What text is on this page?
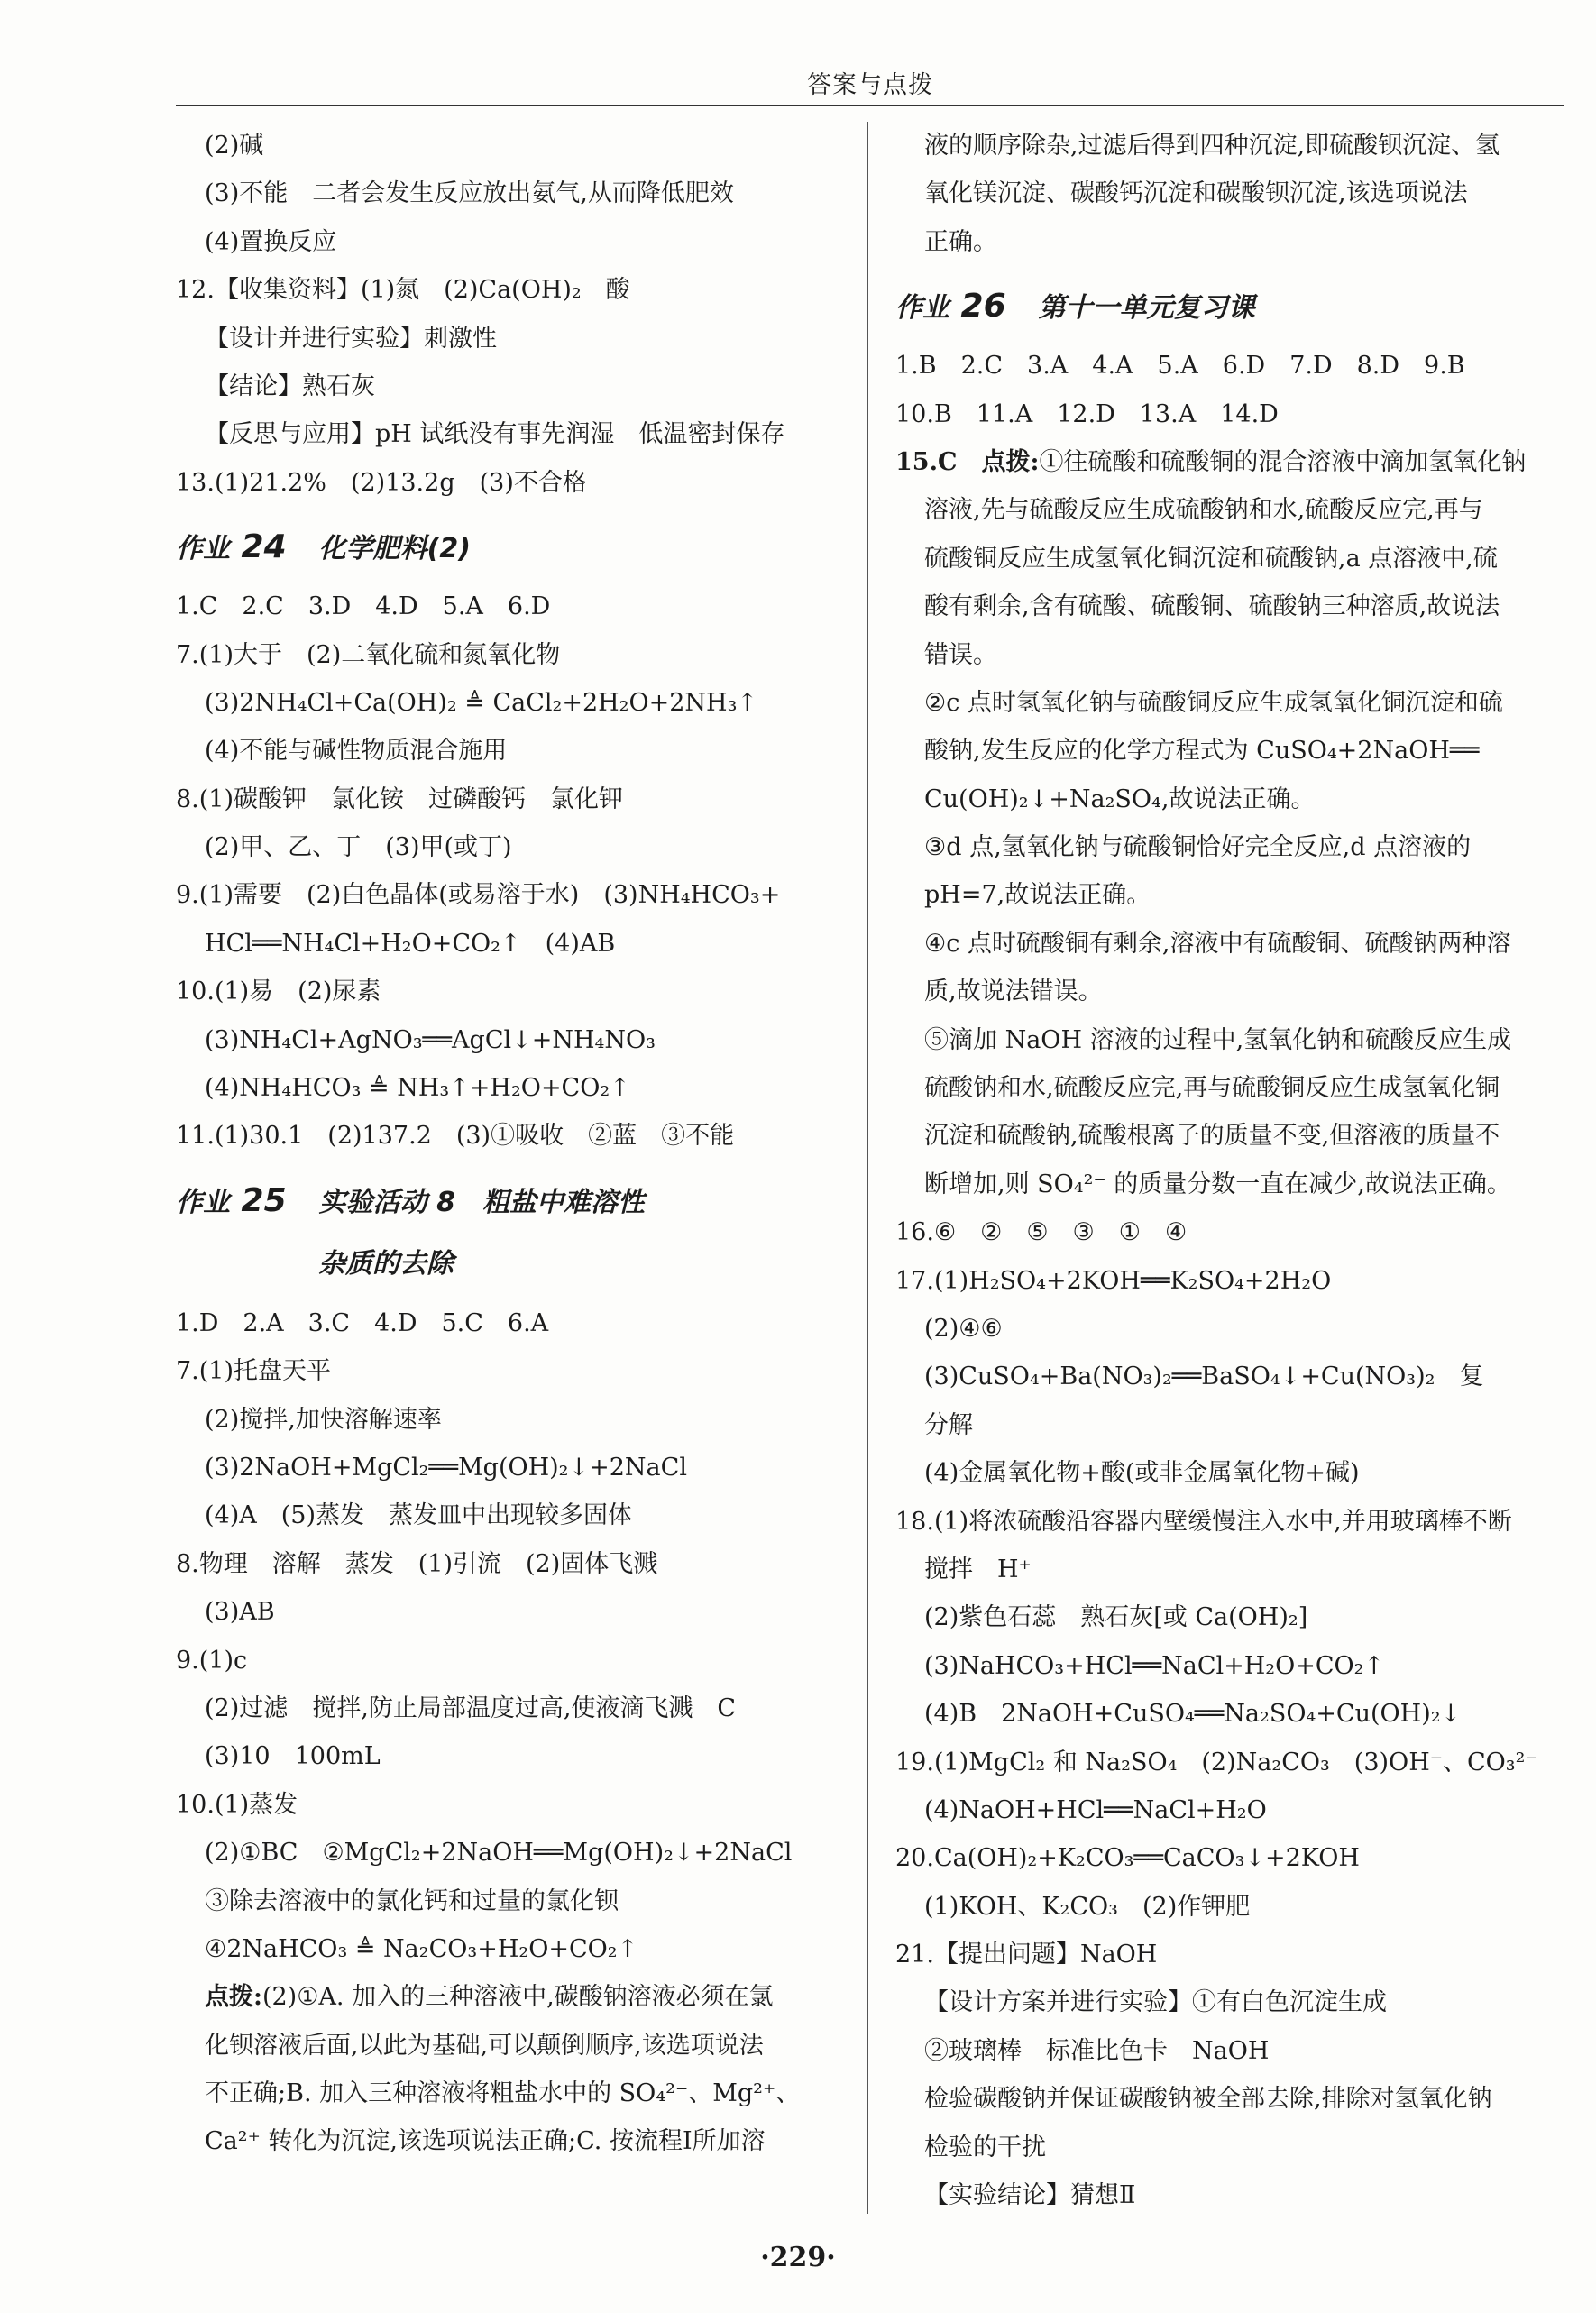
答案与点拨
(2)碱
(3)不能　二者会发生反应放出氨气,从而降低肥效
(4)置换反应
12.【收集资料】(1)氮　(2)Ca(OH)₂　酸
【设计并进行实验】刺激性
【结论】熟石灰
【反思与应用】pH 试纸没有事先润湿　低温密封保存
13.(1)21.2%　(2)13.2g　(3)不合格
作业 24　化学肥料(2)
1.C　2.C　3.D　4.D　5.A　6.D
7.(1)大于　(2)二氧化硫和氮氧化物
(3)2NH₄Cl+Ca(OH)₂ ≜ CaCl₂+2H₂O+2NH₃↑
(4)不能与碱性物质混合施用
8.(1)碳酸钾　氯化铵　过磷酸钙　氯化钾
(2)甲、乙、丁　(3)甲(或丁)
9.(1)需要　(2)白色晶体(或易溶于水)　(3)NH₄HCO₃+
HCl══NH₄Cl+H₂O+CO₂↑　(4)AB
10.(1)易　(2)尿素
(3)NH₄Cl+AgNO₃══AgCl↓+NH₄NO₃
(4)NH₄HCO₃ ≜ NH₃↑+H₂O+CO₂↑
11.(1)30.1　(2)137.2　(3)①吸收　②蓝　③不能
作业 25　实验活动 8　粗盐中难溶性
杂质的去除
1.D　2.A　3.C　4.D　5.C　6.A
7.(1)托盘天平
(2)搅拌,加快溶解速率
(3)2NaOH+MgCl₂══Mg(OH)₂↓+2NaCl
(4)A　(5)蒸发　蒸发皿中出现较多固体
8.物理　溶解　蒸发　(1)引流　(2)固体飞溅
(3)AB
9.(1)c
(2)过滤　搅拌,防止局部温度过高,使液滴飞溅　C
(3)10　100mL
10.(1)蒸发
(2)①BC　②MgCl₂+2NaOH══Mg(OH)₂↓+2NaCl
③除去溶液中的氯化钙和过量的氯化钡
④2NaHCO₃ ≜ Na₂CO₃+H₂O+CO₂↑
点拨:(2)①A. 加入的三种溶液中,碳酸钠溶液必须在氯
化钡溶液后面,以此为基础,可以颠倒顺序,该选项说法
不正确;B. 加入三种溶液将粗盐水中的 SO₄²⁻、Mg²⁺、
Ca²⁺ 转化为沉淀,该选项说法正确;C. 按流程Ⅰ所加溶
液的顺序除杂,过滤后得到四种沉淀,即硫酸钡沉淀、氢
氧化镁沉淀、碳酸钙沉淀和碳酸钡沉淀,该选项说法
正确。
作业 26　第十一单元复习课
1.B　2.C　3.A　4.A　5.A　6.D　7.D　8.D　9.B
10.B　11.A　12.D　13.A　14.D
15.C　点拨:①往硫酸和硫酸铜的混合溶液中滴加氢氧化钠
溶液,先与硫酸反应生成硫酸钠和水,硫酸反应完,再与
硫酸铜反应生成氢氧化铜沉淀和硫酸钠,a 点溶液中,硫
酸有剩余,含有硫酸、硫酸铜、硫酸钠三种溶质,故说法
错误。
②c 点时氢氧化钠与硫酸铜反应生成氢氧化铜沉淀和硫
酸钠,发生反应的化学方程式为 CuSO₄+2NaOH══
Cu(OH)₂↓+Na₂SO₄,故说法正确。
③d 点,氢氧化钠与硫酸铜恰好完全反应,d 点溶液的
pH=7,故说法正确。
④c 点时硫酸铜有剩余,溶液中有硫酸铜、硫酸钠两种溶
质,故说法错误。
⑤滴加 NaOH 溶液的过程中,氢氧化钠和硫酸反应生成
硫酸钠和水,硫酸反应完,再与硫酸铜反应生成氢氧化铜
沉淀和硫酸钠,硫酸根离子的质量不变,但溶液的质量不
断增加,则 SO₄²⁻ 的质量分数一直在减少,故说法正确。
16.⑥　②　⑤　③　①　④
17.(1)H₂SO₄+2KOH══K₂SO₄+2H₂O
(2)④⑥
(3)CuSO₄+Ba(NO₃)₂══BaSO₄↓+Cu(NO₃)₂　复
分解
(4)金属氧化物+酸(或非金属氧化物+碱)
18.(1)将浓硫酸沿容器内壁缓慢注入水中,并用玻璃棒不断
搅拌　H⁺
(2)紫色石蕊　熟石灰[或 Ca(OH)₂]
(3)NaHCO₃+HCl══NaCl+H₂O+CO₂↑
(4)B　2NaOH+CuSO₄══Na₂SO₄+Cu(OH)₂↓
19.(1)MgCl₂ 和 Na₂SO₄　(2)Na₂CO₃　(3)OH⁻、CO₃²⁻
(4)NaOH+HCl══NaCl+H₂O
20.Ca(OH)₂+K₂CO₃══CaCO₃↓+2KOH
(1)KOH、K₂CO₃　(2)作钾肥
21.【提出问题】NaOH
【设计方案并进行实验】①有白色沉淀生成
②玻璃棒　标准比色卡　NaOH
检验碳酸钠并保证碳酸钠被全部去除,排除对氢氧化钠
检验的干扰
【实验结论】猜想Ⅱ
·229·
